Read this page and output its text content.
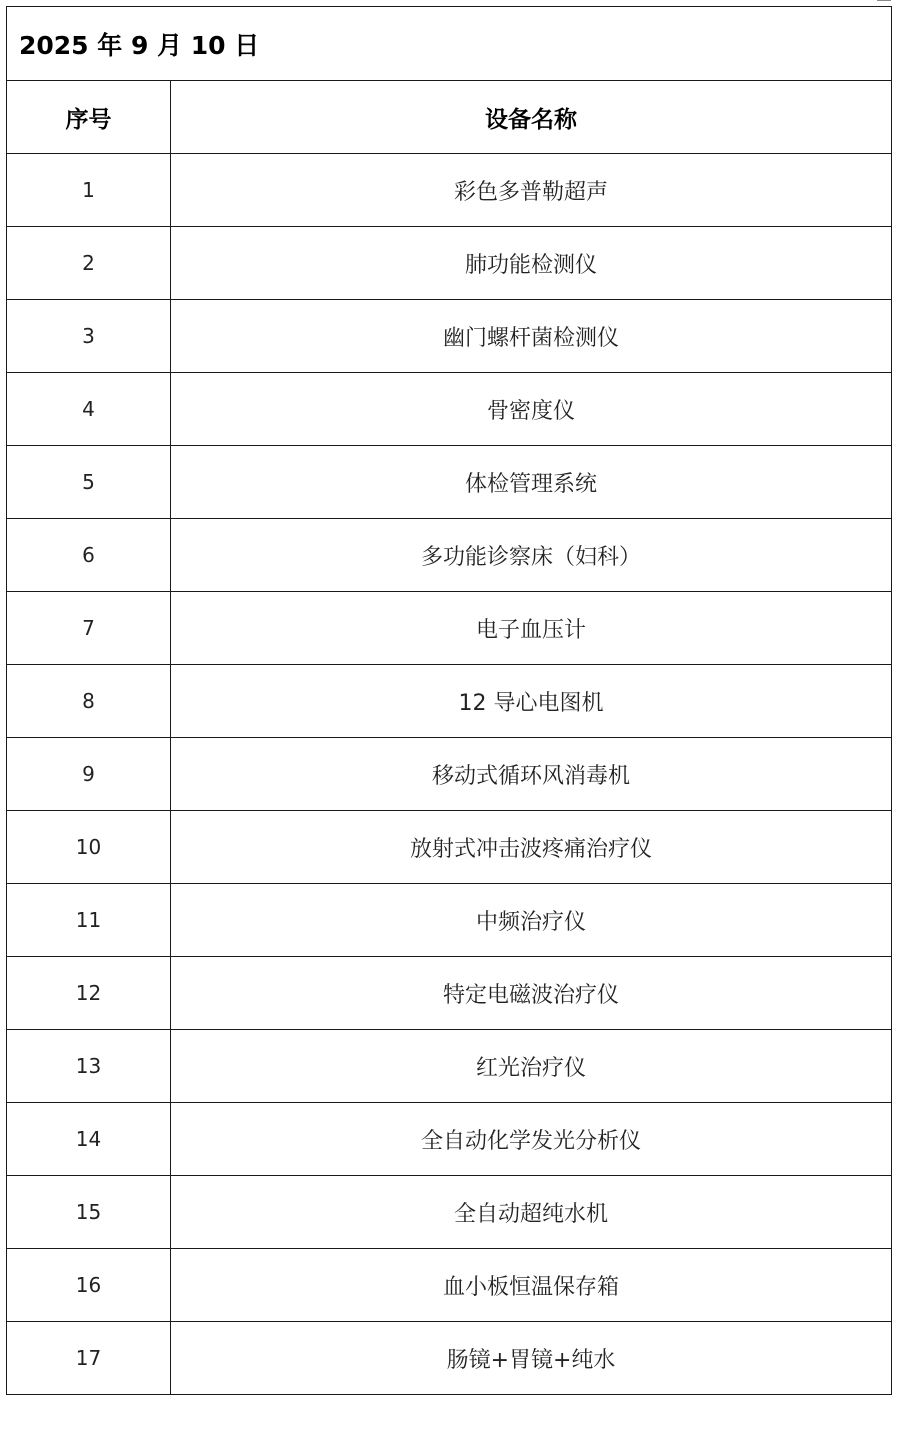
2025 年 9 月 10 日	
序号	设备名称
1	彩色多普勒超声
2	肺功能检测仪
3	幽门螺杆菌检测仪
4	骨密度仪
5	体检管理系统
6	多功能诊察床（妇科）
7	电子血压计
8	12 导心电图机
9	移动式循环风消毒机
10	放射式冲击波疼痛治疗仪
11	中频治疗仪
12	特定电磁波治疗仪
13	红光治疗仪
14	全自动化学发光分析仪
15	全自动超纯水机
16	血小板恒温保存箱
17	肠镜+胃镜+纯水
